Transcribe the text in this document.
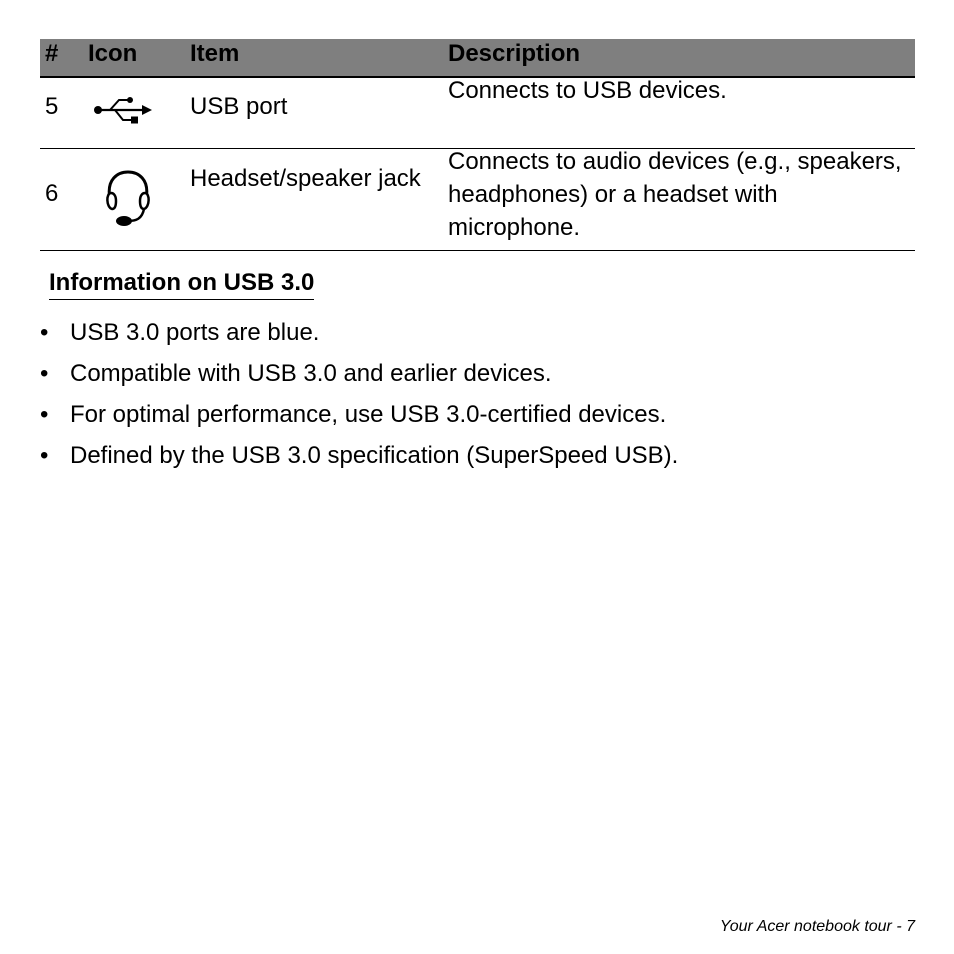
# Icon Item	Description
5	USB port
Connects to USB devices.
6
Headset/speaker jack
Connects to audio devices (e.g., speakers, headphones) or a headset with microphone.
Information on USB 3.0
• USB 3.0 ports are blue.
• Compatible with USB 3.0 and earlier devices.
• For optimal performance, use USB 3.0-certified devices.
• Defined by the USB 3.0 specification (SuperSpeed USB).
Your Acer notebook tour - 7
